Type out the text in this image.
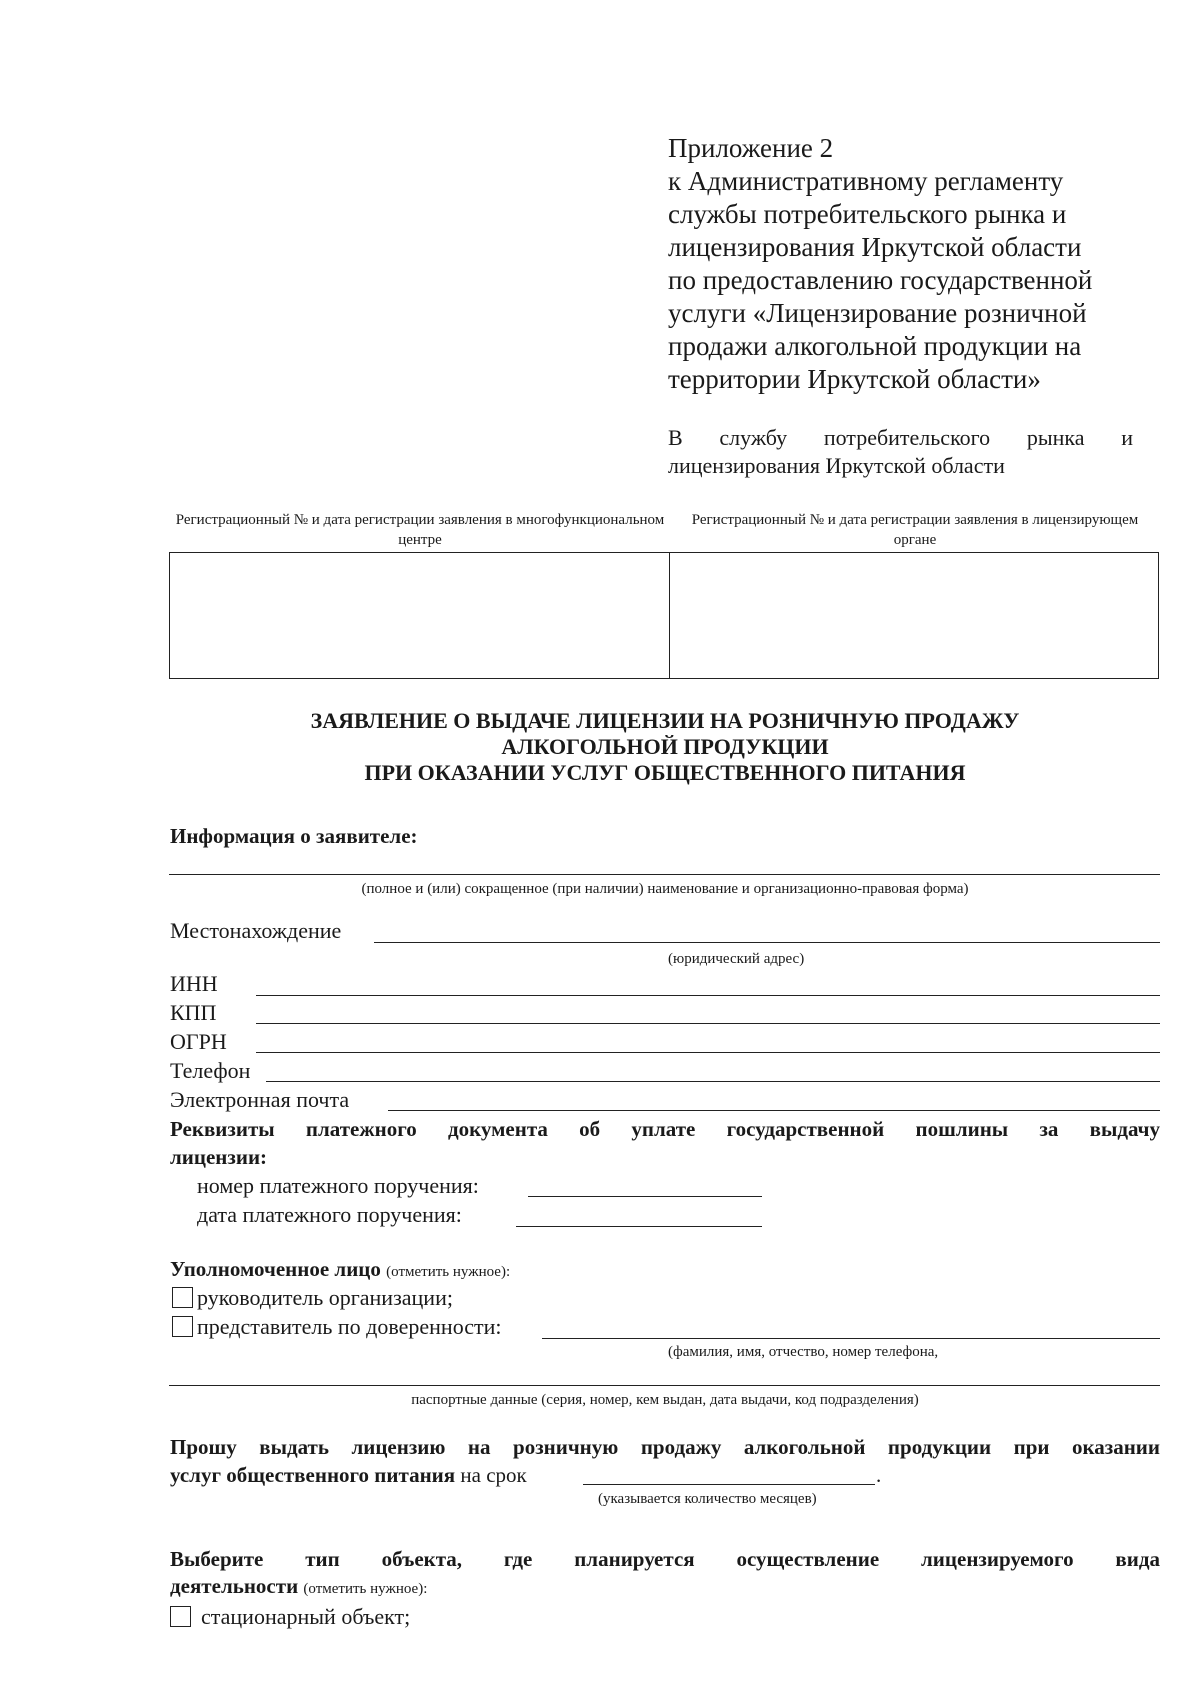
Приложение 2
к Административному регламенту
службы потребительского рынка и
лицензирования Иркутской области
по предоставлению государственной
услуги «Лицензирование розничной
продажи алкогольной продукции на
территории Иркутской области»
В службу потребительского рынка и
лицензирования Иркутской области
Регистрационный № и дата регистрации заявления в многофункциональном центре
Регистрационный № и дата регистрации заявления в лицензирующем органе
ЗАЯВЛЕНИЕ О ВЫДАЧЕ ЛИЦЕНЗИИ НА РОЗНИЧНУЮ ПРОДАЖУ
АЛКОГОЛЬНОЙ ПРОДУКЦИИ
ПРИ ОКАЗАНИИ УСЛУГ ОБЩЕСТВЕННОГО ПИТАНИЯ
Информация о заявителе:
(полное и (или) сокращенное (при наличии) наименование и организационно-правовая форма)
Местонахождение
(юридический адрес)
ИНН
КПП
ОГРН
Телефон
Электронная почта
Реквизиты платежного документа об уплате государственной пошлины за выдачу
лицензии:
номер платежного поручения:
дата платежного поручения:
Уполномоченное лицо (отметить нужное):
руководитель организации;
представитель по доверенности:
(фамилия, имя, отчество, номер телефона,
паспортные данные (серия, номер, кем выдан, дата выдачи, код подразделения)
Прошу выдать лицензию на розничную продажу алкогольной продукции при оказании
услуг общественного питания на срок	.
(указывается количество месяцев)
Выберите тип объекта, где планируется осуществление лицензируемого вида
деятельности (отметить нужное):
стационарный объект;
